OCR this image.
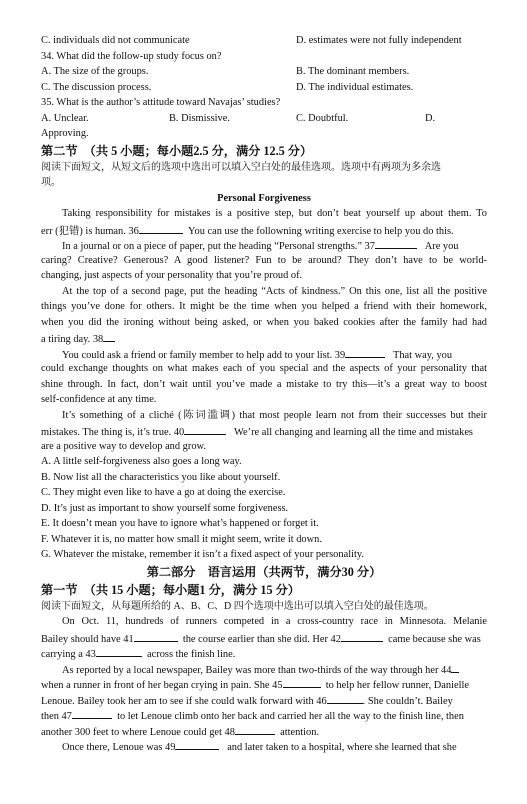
C. individuals did not communicate	D. estimates were not fully independent
34. What did the follow-up study focus on?
A. The size of the groups.	B. The dominant members.
C. The discussion process.	D. The individual estimates.
35. What is the author’s attitude toward Navajas’ studies?
A. Unclear.	B. Dismissive.	C. Doubtful.	D.
Approving.
第二节　（共 5 小题；每小题2.5 分，满分 12.5 分）
阅读下面短文，从短文后的选项中选出可以填入空白处的最佳选项。选项中有两项为多余选
项。
Personal Forgiveness
Taking responsibility for mistakes is a positive step, but don’t beat yourself up about them. To
err (犯错) is human. 36	You can use the followning writing exercise to help you do this.
In a journal or on a piece of paper, put the heading “Personal strengths.” 37	Are you
caring? Creative? Generous? A good listener? Fun to be around? They don’t have to be world-
changing, just aspects of your personality that you’re proud of.
At the top of a second page, put the heading “Acts of kindness.” On this one, list all the positive
things you’ve done for others. It might be the time when you helped a friend with their homework,
when you did the ironing without being asked, or when you baked cookies after the family had had
a tiring day. 38
You could ask a friend or family member to help add to your list. 39	That way, you
could exchange thoughts on what makes each of you special and the aspects of your personality that
shine through. In fact, don’t wait until you’ve made a mistake to try this—it’s a great way to boost
self-confidence at any time.
It’s something of a cliché (陈词滥调) that most people learn not from their successes but their
mistakes. The thing is, it’s true. 40	We’re all changing and learning all the time and mistakes
are a positive way to develop and grow.
A. A little self-forgiveness also goes a long way.
B. Now list all the characteristics you like about yourself.
C. They might even like to have a go at doing the exercise.
D. It’s just as important to show yourself some forgiveness.
E. It doesn’t mean you have to ignore what’s happened or forget it.
F. Whatever it is, no matter how small it might seem, write it down.
G. Whatever the mistake, remember it isn’t a fixed aspect of your personality.
第二部分　语言运用（共两节，满分30 分）
第一节　（共 15 小题；每小题1 分，满分 15 分）
阅读下面短文，从每题所给的 A、B、C、D 四个选项中选出可以填入空白处的最佳选项。
On Oct. 11, hundreds of runners competed in a cross-country race in Minnesota. Melanie
Bailey should have 41	the course earlier than she did. Her 42	came because she was
carrying a 43	across the finish line.
As reported by a local newspaper, Bailey was more than two-thirds of the way through her 44
when a runner in front of her began crying in pain. She 45	to help her fellow runner, Danielle
Lenoue. Bailey took her am to see if she could walk forward with 46	. She couldn’t. Bailey
then 47	to let Lenoue climb onto her back and carried her all the way to the finish line, then
another 300 feet to where Lenoue could get 48	attention.
Once there, Lenoue was 49	and later taken to a hospital, where she learned that she
